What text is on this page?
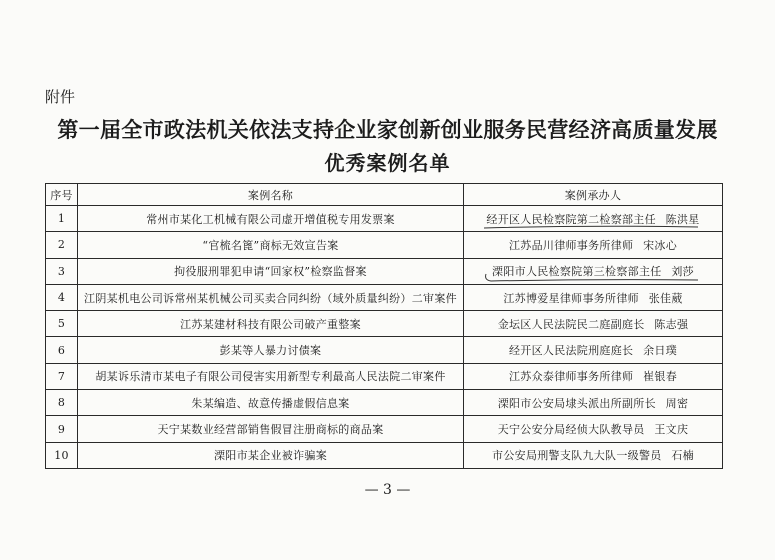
附件
第一届全市政法机关依法支持企业家创新创业服务民营经济高质量发展
优秀案例名单
序号	案例名称	案例承办人
1	常州市某化工机械有限公司虚开增值税专用发票案	经开区人民检察院第二检察部主任 陈洪星
2	“官梳名篦”商标无效宣告案	江苏品川律师事务所律师 宋冰心
3	拘役服刑罪犯申请“回家权”检察监督案	溧阳市人民检察院第三检察部主任 刘莎
4	江阴某机电公司诉常州某机械公司买卖合同纠纷（域外质量纠纷）二审案件	江苏博爱星律师事务所律师 张佳葳
5	江苏某建材科技有限公司破产重整案	金坛区人民法院民二庭副庭长 陈志强
6	彭某等人暴力讨债案	经开区人民法院刑庭庭长 余日璞
7	胡某诉乐清市某电子有限公司侵害实用新型专利最高人民法院二审案件	江苏众泰律师事务所律师 崔银春
8	朱某编造、故意传播虚假信息案	溧阳市公安局埭头派出所副所长 周密
9	天宁某数业经营部销售假冒注册商标的商品案	天宁公安分局经侦大队教导员 王文庆
10	溧阳市某企业被诈骗案	市公安局刑警支队九大队一级警员 石楠
— 3 —
